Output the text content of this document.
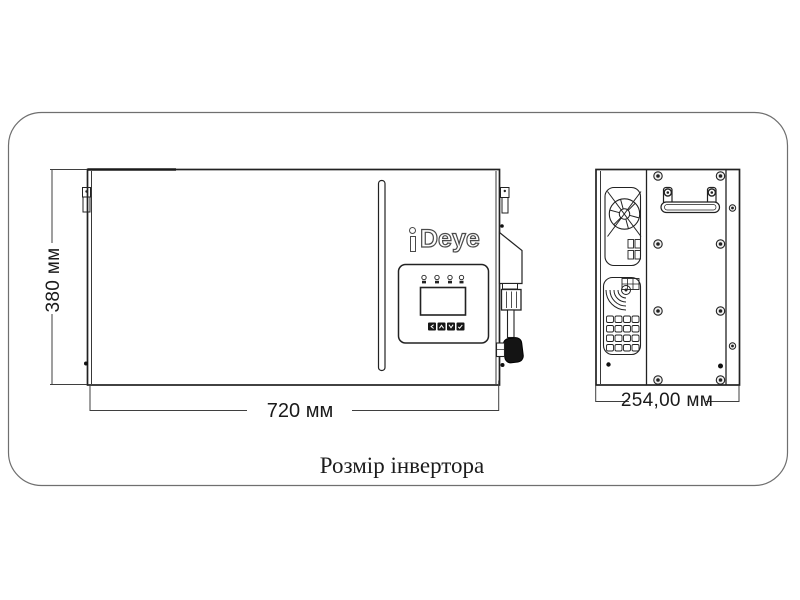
Deye
380 мм
720 мм	254,00 мм
Розмір інвертора
